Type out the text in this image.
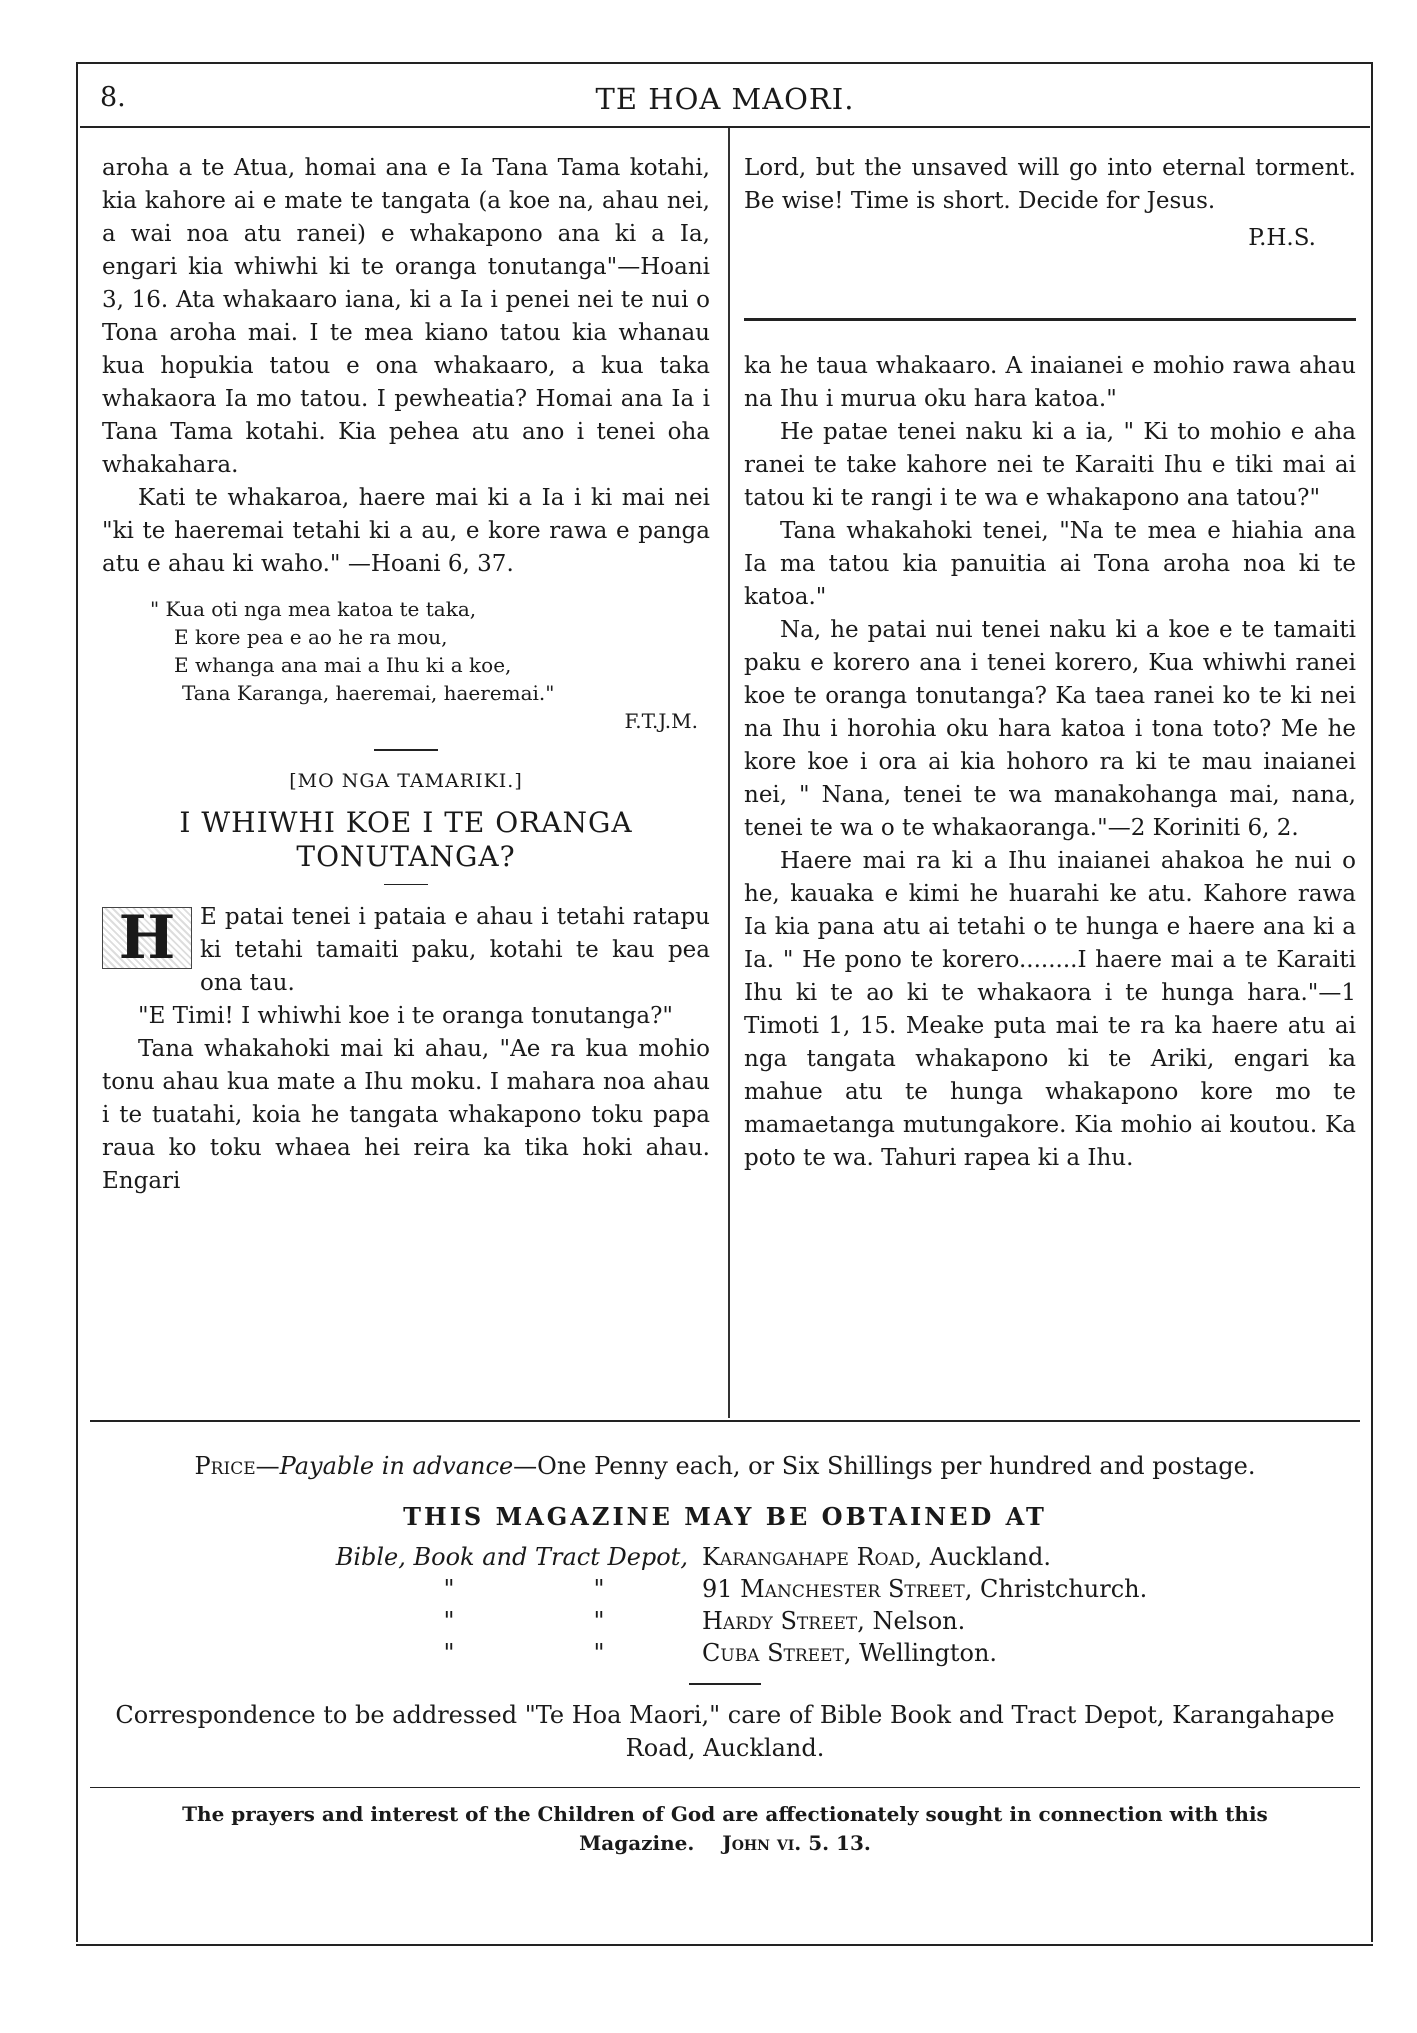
8.	TE HOA MAORI.

aroha a te Atua, homai ana e Ia Tana Tama kotahi, kia kahore ai e mate te tangata (a koe na, ahau nei, a wai noa atu ranei) e whakapono ana ki a Ia, engari kia whiwhi ki te oranga tonutanga"—Hoani 3, 16. Ata whakaaro iana, ki a Ia i penei nei te nui o Tona aroha mai. I te mea kiano tatou kia whanau kua hopukia tatou e ona whakaaro, a kua taka whakaora Ia mo tatou. I pewheatia? Homai ana Ia i Tana Tama kotahi. Kia pehea atu ano i tenei oha whakahara.

Kati te whakaroa, haere mai ki a Ia i ki mai nei "ki te haeremai tetahi ki a au, e kore rawa e panga atu e ahau ki waho." —Hoani 6, 37.

" Kua oti nga mea katoa te taka,
E kore pea e ao he ra mou,
E whanga ana mai a Ihu ki a koe,
Tana Karanga, haeremai, haeremai."
F.T.J.M.
[MO NGA TAMARIKI.]
I WHIWHI KOE I TE ORANGA TONUTANGA?

H	E patai tenei i pataia e ahau i tetahi ratapu ki tetahi tamaiti paku, kotahi te kau pea ona tau.

"E Timi! I whiwhi koe i te oranga tonutanga?"

Tana whakahoki mai ki ahau, "Ae ra kua mohio tonu ahau kua mate a Ihu moku. I mahara noa ahau i te tuatahi, koia he tangata whakapono toku papa raua ko toku whaea hei reira ka tika hoki ahau. Engari

Lord, but the unsaved will go into eternal torment. Be wise! Time is short. Decide for Jesus.

P.H.S.

ka he taua whakaaro. A inaianei e mohio rawa ahau na Ihu i murua oku hara katoa."

He patae tenei naku ki a ia, " Ki to mohio e aha ranei te take kahore nei te Karaiti Ihu e tiki mai ai tatou ki te rangi i te wa e whakapono ana tatou?"

Tana whakahoki tenei, "Na te mea e hiahia ana Ia ma tatou kia panuitia ai Tona aroha noa ki te katoa."

Na, he patai nui tenei naku ki a koe e te tamaiti paku e korero ana i tenei korero, Kua whiwhi ranei koe te oranga tonutanga? Ka taea ranei ko te ki nei na Ihu i horohia oku hara katoa i tona toto? Me he kore koe i ora ai kia hohoro ra ki te mau inaianei nei, " Nana, tenei te wa manakohanga mai, nana, tenei te wa o te whakaoranga."—2 Koriniti 6, 2.

Haere mai ra ki a Ihu inaianei ahakoa he nui o he, kauaka e kimi he huarahi ke atu. Kahore rawa Ia kia pana atu ai tetahi o te hunga e haere ana ki a Ia. " He pono te korero........I haere mai a te Karaiti Ihu ki te ao ki te whakaora i te hunga hara."—1 Timoti 1, 15. Meake puta mai te ra ka haere atu ai nga tangata whakapono ki te Ariki, engari ka mahue atu te hunga whakapono kore mo te mamaetanga mutungakore. Kia mohio ai koutou. Ka poto te wa. Tahuri rapea ki a Ihu.

Price—Payable in advance—One Penny each, or Six Shillings per hundred and postage.
THIS MAGAZINE MAY BE OBTAINED AT
Bible, Book and Tract Depot, Karangahape Road, Auckland.
"	"	91 Manchester Street, Christchurch.
"	"	Hardy Street, Nelson.
"	"	Cuba Street, Wellington.
Correspondence to be addressed "Te Hoa Maori," care of Bible Book and Tract Depot, Karangahape Road, Auckland.
The prayers and interest of the Children of God are affectionately sought in connection with this Magazine. John vi. 5. 13.
